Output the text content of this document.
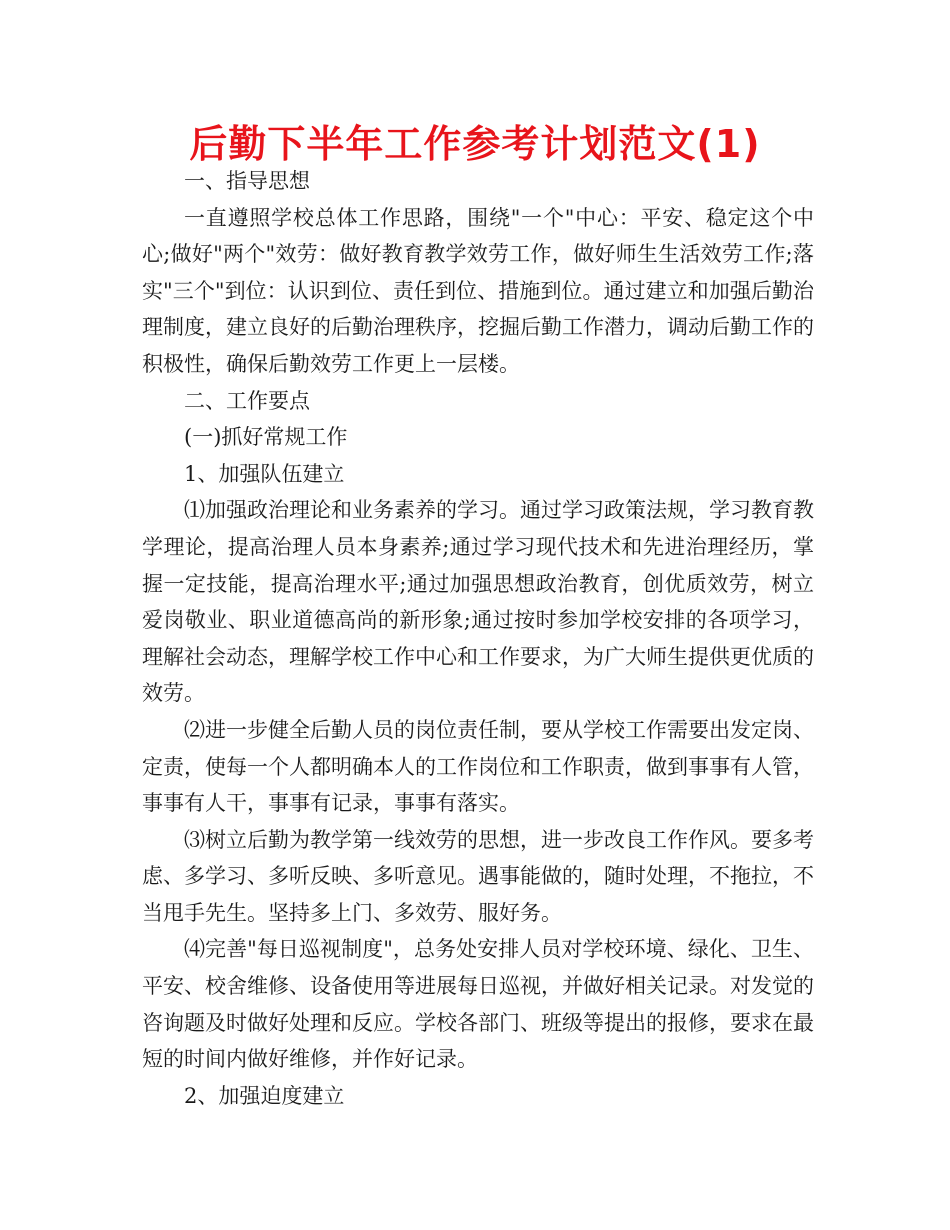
后勤下半年工作参考计划范文(1)

一、指导思想

一直遵照学校总体工作思路，围绕"一个"中心：平安、稳定这个中心;做好"两个"效劳：做好教育教学效劳工作，做好师生生活效劳工作;落实"三个"到位：认识到位、责任到位、措施到位。通过建立和加强后勤治理制度，建立良好的后勤治理秩序，挖掘后勤工作潜力，调动后勤工作的积极性，确保后勤效劳工作更上一层楼。

二、工作要点

(一)抓好常规工作

1、加强队伍建立

⑴加强政治理论和业务素养的学习。通过学习政策法规，学习教育教学理论，提高治理人员本身素养;通过学习现代技术和先进治理经历，掌握一定技能，提高治理水平;通过加强思想政治教育，创优质效劳，树立爱岗敬业、职业道德高尚的新形象;通过按时参加学校安排的各项学习，理解社会动态，理解学校工作中心和工作要求，为广大师生提供更优质的效劳。

⑵进一步健全后勤人员的岗位责任制，要从学校工作需要出发定岗、定责，使每一个人都明确本人的工作岗位和工作职责，做到事事有人管，事事有人干，事事有记录，事事有落实。

⑶树立后勤为教学第一线效劳的思想，进一步改良工作作风。要多考虑、多学习、多听反映、多听意见。遇事能做的，随时处理，不拖拉，不当甩手先生。坚持多上门、多效劳、服好务。

⑷完善"每日巡视制度"，总务处安排人员对学校环境、绿化、卫生、平安、校舍维修、设备使用等进展每日巡视，并做好相关记录。对发觉的咨询题及时做好处理和反应。学校各部门、班级等提出的报修，要求在最短的时间内做好维修，并作好记录。

2、加强迫度建立
